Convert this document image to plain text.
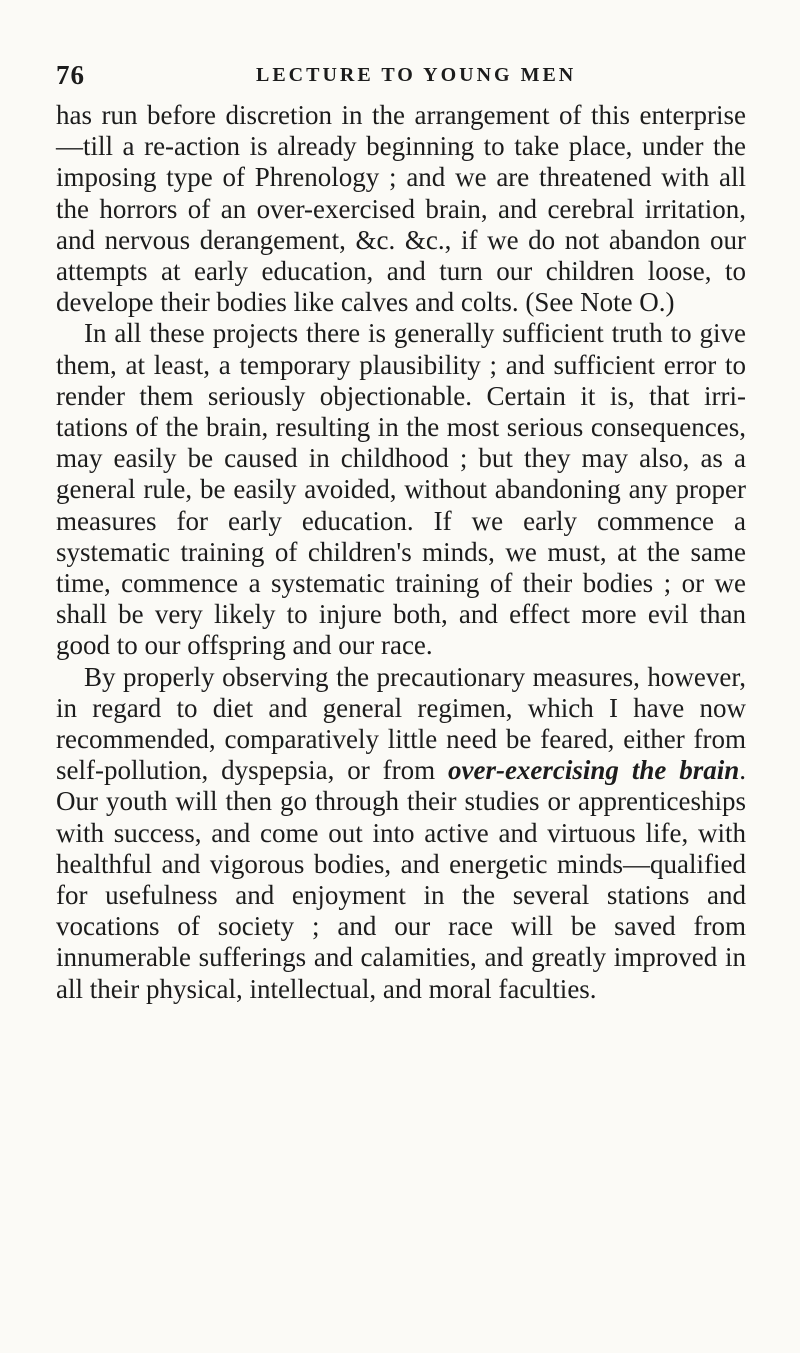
76	LECTURE TO YOUNG MEN

has run before discretion in the arrangement of this enterprise—till a re-action is already beginning to take place, under the imposing type of Phrenology ; and we are threatened with all the horrors of an over-exercised brain, and cerebral irritation, and nervous derangement, &c. &c., if we do not abandon our attempts at early education, and turn our children loose, to develope their bodies like calves and colts. (See Note O.)

In all these projects there is generally sufficient truth to give them, at least, a temporary plausibility ; and sufficient error to render them seriously objectionable. Certain it is, that irritations of the brain, resulting in the most serious consequences, may easily be caused in childhood ; but they may also, as a general rule, be easily avoided, without abandoning any proper measures for early education. If we early commence a systematic training of children's minds, we must, at the same time, commence a systematic training of their bodies ; or we shall be very likely to injure both, and effect more evil than good to our offspring and our race.

By properly observing the precautionary measures, however, in regard to diet and general regimen, which I have now recommended, comparatively little need be feared, either from self-pollution, dyspepsia, or from over-exercising the brain. Our youth will then go through their studies or apprenticeships with success, and come out into active and virtuous life, with healthful and vigorous bodies, and energetic minds—qualified for usefulness and enjoyment in the several stations and vocations of society ; and our race will be saved from innumerable sufferings and calamities, and greatly improved in all their physical, intellectual, and moral faculties.
